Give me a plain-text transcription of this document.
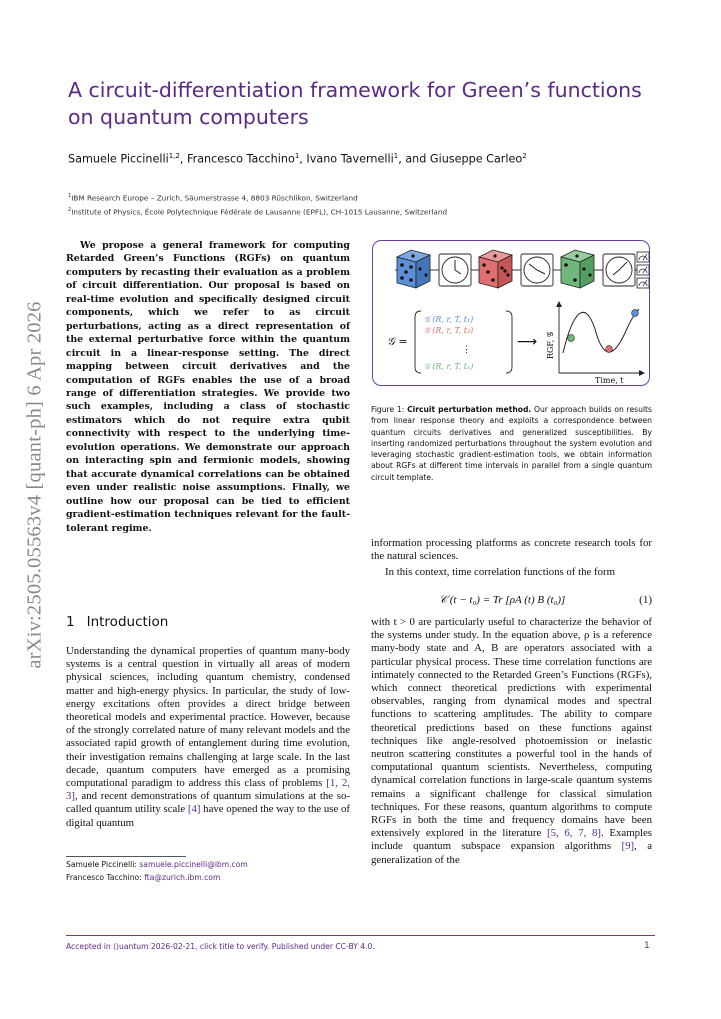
arXiv:2505.05563v4 [quant-ph] 6 Apr 2026
A circuit-differentiation framework for Green’s functions on quantum computers
Samuele Piccinelli$^{1,2}$, Francesco Tacchino$^1$, Ivano Tavernelli$^1$, and Giuseppe Carleo$^2$
$^1$IBM Research Europe – Zurich, Säumerstrasse 4, 8803 Rüschlikon, Switzerland
$^2$Institute of Physics, École Polytechnique Fédérale de Lausanne (EPFL), CH-1015 Lausanne, Switzerland

We propose a general framework for computing Retarded Green’s Functions (RGFs) on quantum computers by recasting their evaluation as a problem of circuit differentiation. Our proposal is based on real-time evolution and specifically designed circuit components, which we refer to as circuit perturbations, acting as a direct representation of the external perturbative force within the quantum circuit in a linear-response setting. The direct mapping between circuit derivatives and the computation of RGFs enables the use of a broad range of differentiation strategies. We provide two such examples, including a class of stochastic estimators which do not require extra qubit connectivity with respect to the underlying time-evolution operations. We demonstrate our approach on interacting spin and fermionic models, showing that accurate dynamical correlations can be obtained even under realistic noise assumptions. Finally, we outline how our proposal can be tied to efficient gradient-estimation techniques relevant for the fault-tolerant regime.

1 Introduction

Understanding the dynamical properties of quantum many-body systems is a central question in virtually all areas of modern physical sciences, including quantum chemistry, condensed matter and high-energy physics. In particular, the study of low-energy excitations often provides a direct bridge between theoretical models and experimental practice. However, because of the strongly correlated nature of many relevant models and the associated rapid growth of entanglement during time evolution, their investigation remains challenging at large scale. In the last decade, quantum computers have emerged as a promising computational paradigm to address this class of problems [1, 2, 3], and recent demonstrations of quantum simulations at the so-called quantum utility scale [4] have opened the way to the use of digital quantum

Samuele Piccinelli: samuele.piccinelli@ibm.com
Francesco Tacchino: fta@zurich.ibm.com
𝒢 =
𝒢 (R, r, T, t₁)
𝒢 (R, r, T, t₂)
⋮
𝒢 (R, r, T, tₙ)
⟶ RGF, 𝒢
Time, t

Figure 1: Circuit perturbation method. Our approach builds on results from linear response theory and exploits a correspondence between quantum circuits derivatives and generalized susceptibilities. By inserting randomized perturbations throughout the system evolution and leveraging stochastic gradient-estimation tools, we obtain information about RGFs at different time intervals in parallel from a single quantum circuit template.

information processing platforms as concrete research tools for the natural sciences.

In this context, time correlation functions of the form

𝒞 (t − t₀) = Tr [ρA (t) B (t₀)]	(1)

with t > 0 are particularly useful to characterize the behavior of the systems under study. In the equation above, ρ is a reference many-body state and A, B are operators associated with a particular physical process. These time correlation functions are intimately connected to the Retarded Green’s Functions (RGFs), which connect theoretical predictions with experimental observables, ranging from dynamical modes and spectral functions to scattering amplitudes. The ability to compare theoretical predictions based on these functions against techniques like angle-resolved photoemission or inelastic neutron scattering constitutes a powerful tool in the hands of computational quantum scientists. Nevertheless, computing dynamical correlation functions in large-scale quantum systems remains a significant challenge for classical simulation techniques. For these reasons, quantum algorithms to compute RGFs in both the time and frequency domains have been extensively explored in the literature [5, 6, 7, 8]. Examples include quantum subspace expansion algorithms [9], a generalization of the

Accepted in ⟨⟩uantum 2026-02-21, click title to verify. Published under CC-BY 4.0.	1
